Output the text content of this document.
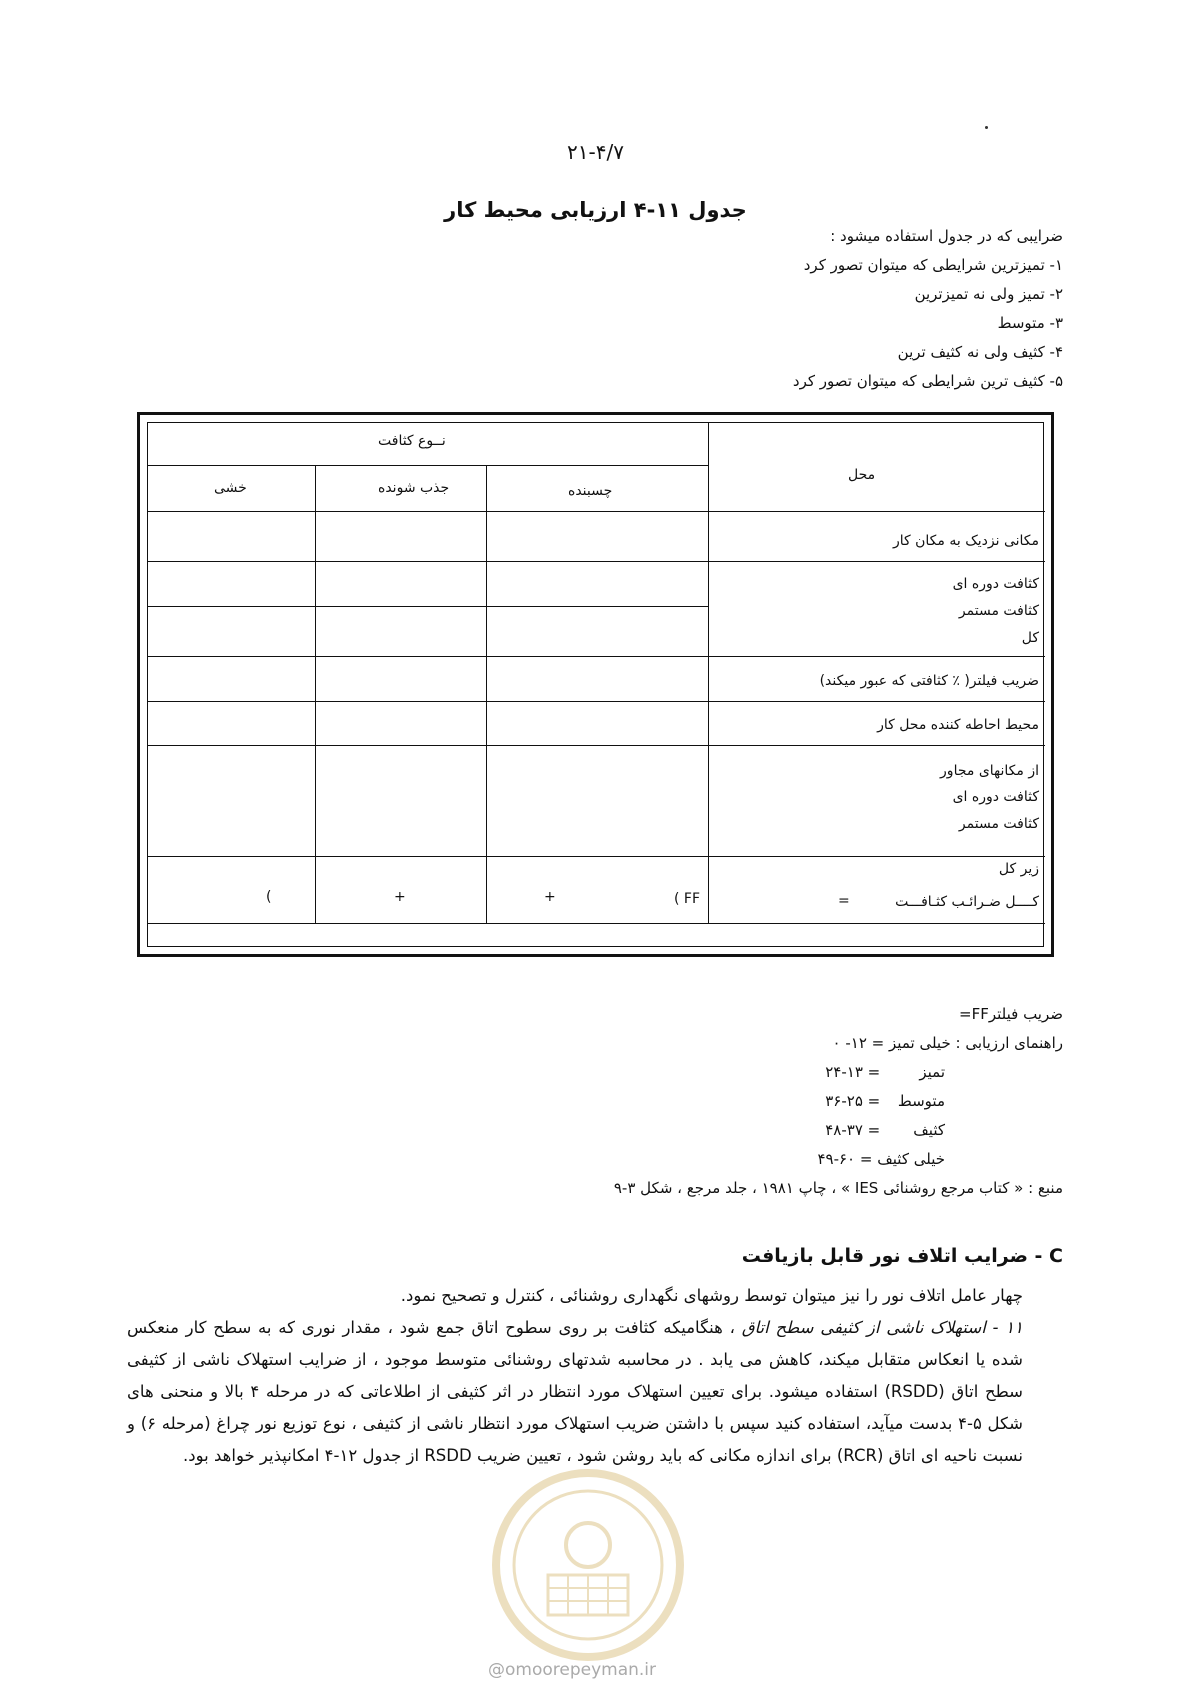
۲۱-۴/۷
جدول ۱۱-۴ ارزیابی محیط کار
ضرایبی که در جدول استفاده میشود :
۱- تمیزترین شرایطی که میتوان تصور کرد
۲- تمیز ولی نه تمیزترین
۳- متوسط
۴- کثیف ولی نه کثیف ترین
۵- کثیف ترین شرایطی که میتوان تصور کرد
نــوع کثافت
محل
چسبنده
جذب شونده
خشی
مکانی نزدیک به مکان کار
کثافت دوره ای
کثافت مستمر
کل
ضریب فیلتر( ٪ کثافتی که عبور میکند)
محیط احاطه کننده محل کار
از مکانهای مجاور
کثافت دوره ای
کثافت مستمر
زیر کل
کــــل ضـرائـب کثـافـــت
=
( FF
+
+
)
ضریب فیلترFF=
راهنمای ارزیابی : خیلی تمیز = ۱۲- ۰
تمیز = ۲۴-۱۳
متوسط = ۳۶-۲۵
کثیف = ۴۸-۳۷
خیلی کثیف = ۶۰-۴۹
منبع : « کتاب مرجع روشنائی IES » ، چاپ ۱۹۸۱ ، جلد مرجع ، شکل ۳-۹
C - ضرایب اتلاف نور قابل بازیافت

چهار عامل اتلاف نور را نیز میتوان توسط روشهای نگهداری روشنائی ، کنترل و تصحیح نمود.

۱۱ - استهلاک ناشی از کثیفی سطح اتاق ، هنگامیکه کثافت بر روی سطوح اتاق جمع شود ، مقدار نوری که به سطح کار منعکس شده یا انعکاس متقابل میکند، کاهش می یابد . در محاسبه شدتهای روشنائی متوسط موجود ، از ضرایب استهلاک ناشی از کثیفی سطح اتاق (RSDD) استفاده میشود. برای تعیین استهلاک مورد انتظار در اثر کثیفی از اطلاعاتی که در مرحله ۴ بالا و منحنی های شکل ۵-۴ بدست میآید، استفاده کنید سپس با داشتن ضریب استهلاک مورد انتظار ناشی از کثیفی ، نوع توزیع نور چراغ (مرحله ۶) و نسبت ناحیه ای اتاق (RCR) برای اندازه مکانی که باید روشن شود ، تعیین ضریب RSDD از جدول ۱۲-۴ امکانپذیر خواهد بود.

@omoorepeyman.ir
